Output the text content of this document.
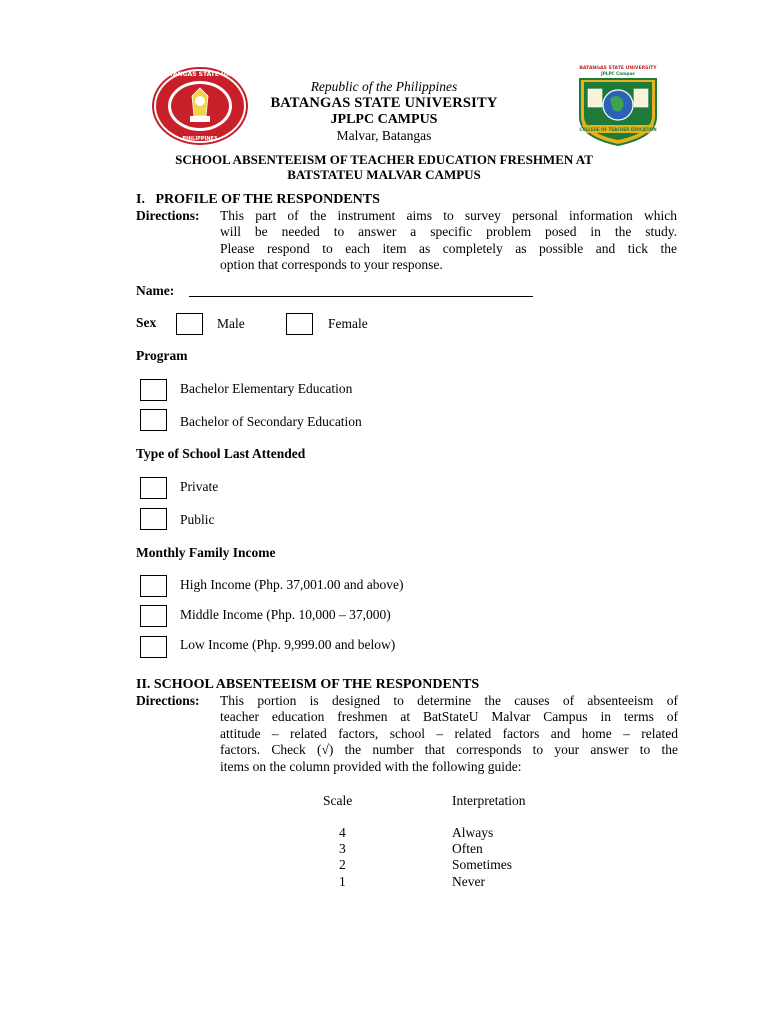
PHILIPPINES
BATANGAS STATE UNIV.
BATANGAS STATE UNIVERSITY
JPLPC Campus
COLLEGE OF TEACHER EDUCATION
Republic of the Philippines
BATANGAS STATE UNIVERSITY
JPLPC CAMPUS
Malvar, Batangas
SCHOOL ABSENTEEISM OF TEACHER EDUCATION FRESHMEN AT
BATSTATEU MALVAR CAMPUS
I.   PROFILE OF THE RESPONDENTS
Directions: This part of the instrument aims to survey personal information which
will be needed to answer a specific problem posed in the study.
Please respond to each item as completely as possible and tick the
option that corresponds to your response.
Name:
Sex	Male	Female
Program
Bachelor Elementary Education
Bachelor of Secondary Education
Type of School Last Attended
Private
Public
Monthly Family Income
High Income (Php. 37,001.00 and above)
Middle Income (Php. 10,000 – 37,000)
Low Income (Php. 9,999.00 and below)
II. SCHOOL ABSENTEEISM OF THE RESPONDENTS
Directions: This portion is designed to determine the causes of absenteeism of
teacher education freshmen at BatStateU Malvar Campus in terms of
attitude – related factors, school – related factors and home – related
factors. Check (√) the number that corresponds to your answer to the
items on the column provided with the following guide:
Scale	Interpretation
4	Always
3	Often
2	Sometimes
1	Never
